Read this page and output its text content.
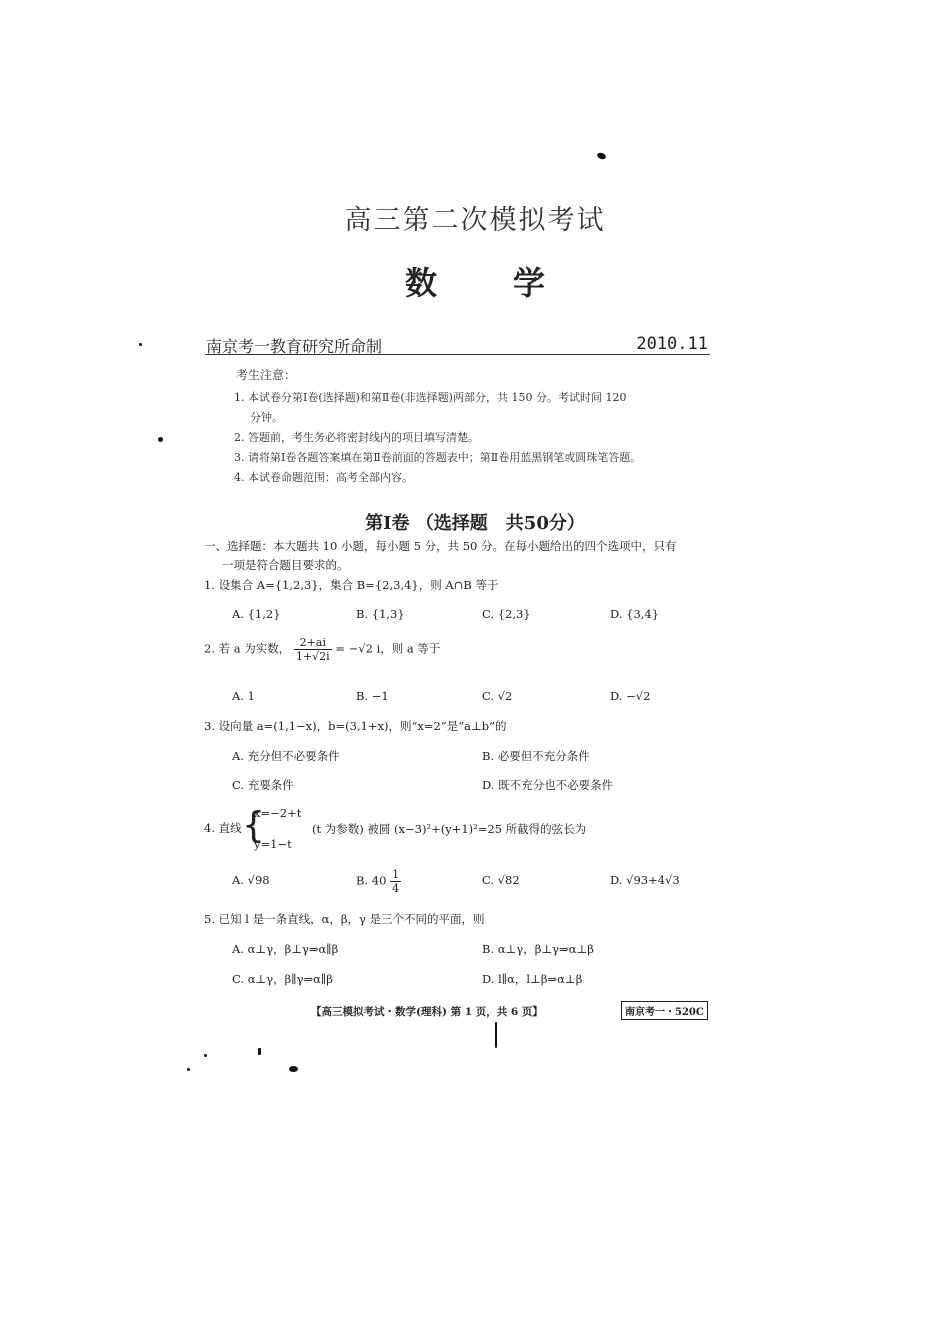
高三第二次模拟考试
数 学
南京考一教育研究所命制	2010.11
考生注意：
1. 本试卷分第Ⅰ卷(选择题)和第Ⅱ卷(非选择题)两部分，共 150 分。考试时间 120
分钟。
2. 答题前，考生务必将密封线内的项目填写清楚。
3. 请将第Ⅰ卷各题答案填在第Ⅱ卷前面的答题表中；第Ⅱ卷用蓝黑钢笔或圆珠笔答题。
4. 本试卷命题范围：高考全部内容。
第Ⅰ卷 （选择题　共50分）
一、选择题：本大题共 10 小题，每小题 5 分，共 50 分。在每小题给出的四个选项中，只有
一项是符合题目要求的。
1. 设集合 A={1,2,3}，集合 B={2,3,4}，则 A∩B 等于
A. {1,2}	B. {1,3}	C. {2,3}	D. {3,4}
2. 若 a 为实数， $\frac{2+ai}{1+√2i} = -√2$ i，则 a 等于
A. 1	B. −1	C. √2	D. −√2
3. 设向量 a=(1,1−x)，b=(3,1+x)，则“x=2”是“a⊥b”的
A. 充分但不必要条件	B. 必要但不充分条件
C. 充要条件	D. 既不充分也不必要条件
4. 直线 {
x=−2+t
y=1−t
(t 为参数) 被圆 (x−3)²+(y+1)²=25 所截得的弦长为
A. √98	B. $40 \frac{1}{4}$	C. √82	D. √93+4√3
5. 已知 l 是一条直线，α，β，γ 是三个不同的平面，则
A. α⊥γ，β⊥γ⇒α∥β	B. α⊥γ，β⊥γ⇒α⊥β
C. α⊥γ，β∥γ⇒α∥β	D. l∥α，l⊥β⇒α⊥β
【高三模拟考试・数学(理科) 第 1 页，共 6 页】	南京考一・520C
